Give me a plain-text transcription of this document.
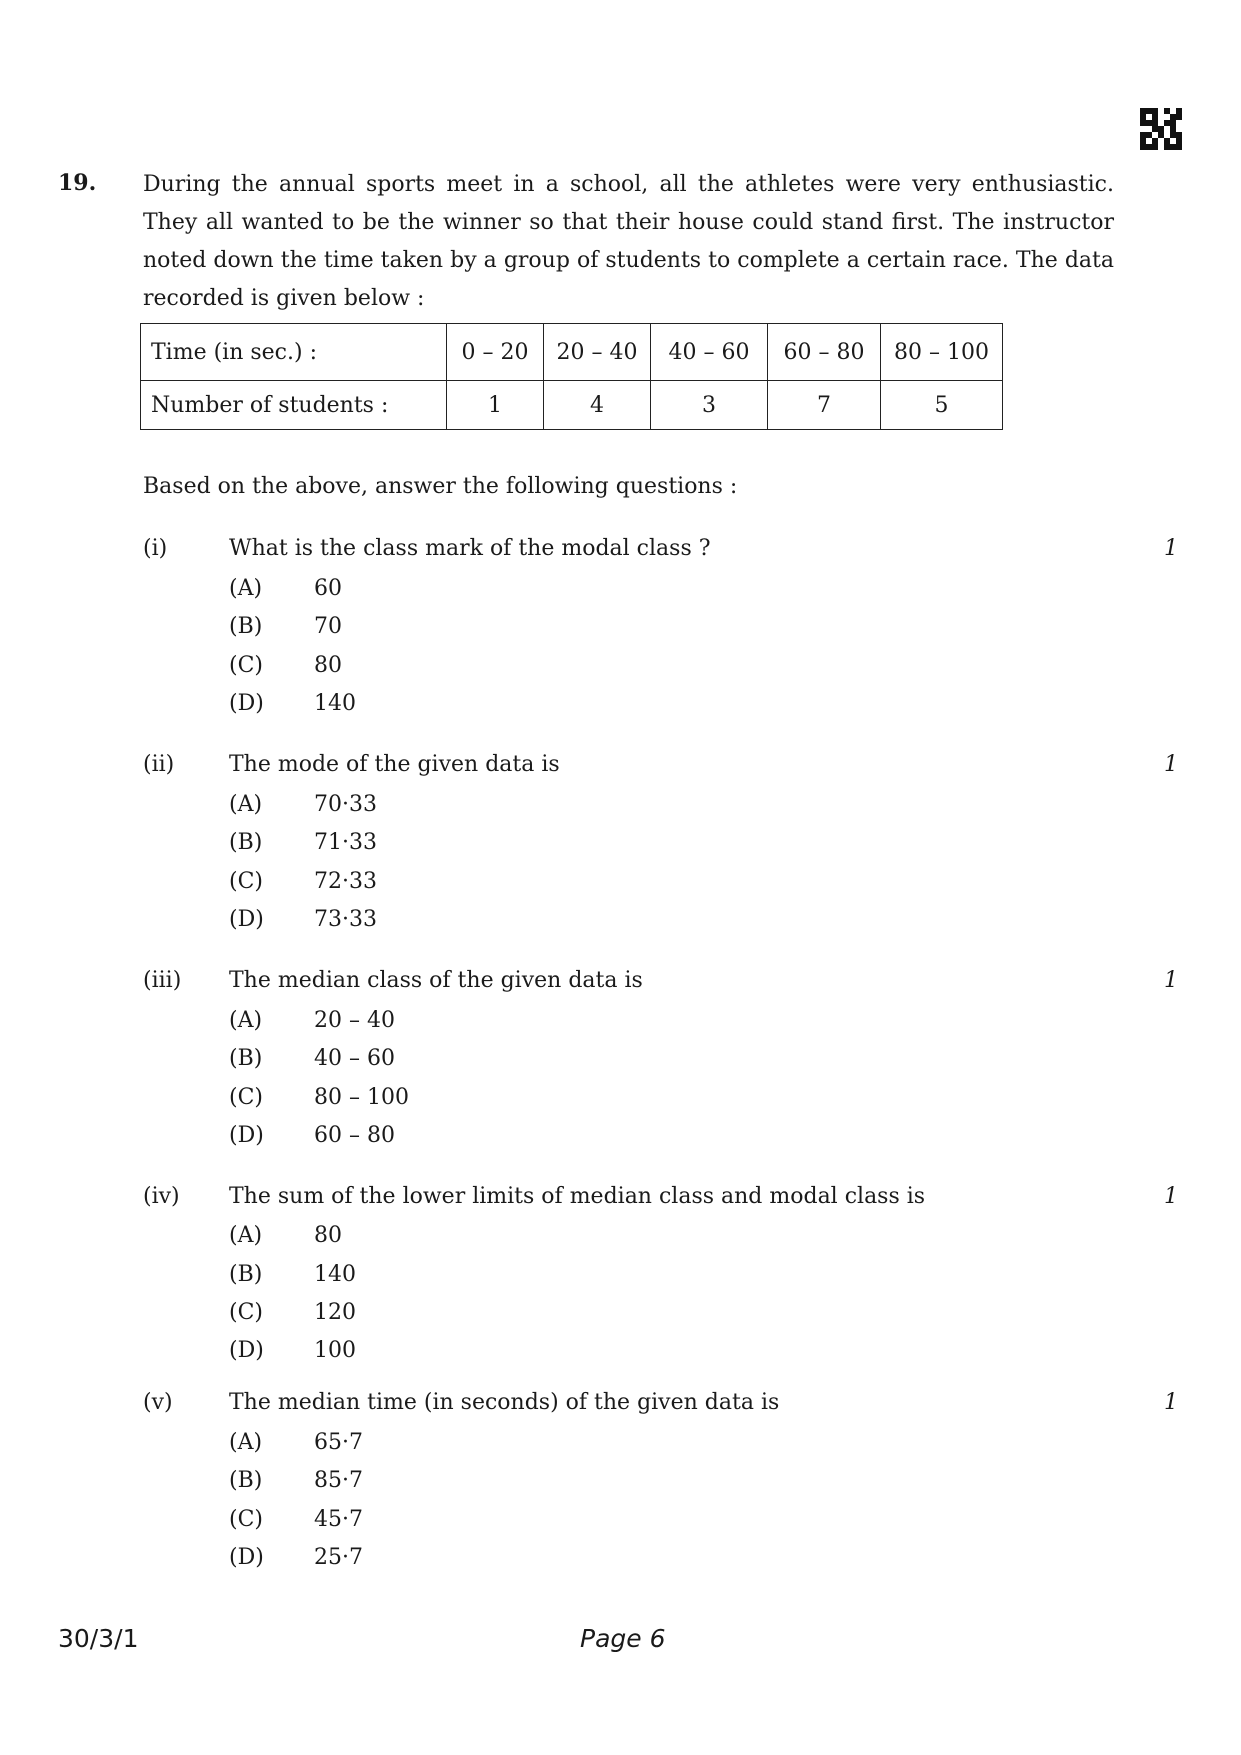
19. During the annual sports meet in a school, all the athletes were very enthusiastic. They all wanted to be the winner so that their house could stand first. The instructor noted down the time taken by a group of students to complete a certain race. The data recorded is given below :
Time (in sec.) :	0 – 20	20 – 40	40 – 60	60 – 80	80 – 100
Number of students :	1	4	3	7	5
Based on the above, answer the following questions :
(i)	What is the class mark of the modal class ?	1
(A) 60
(B) 70
(C) 80
(D) 140
(ii) The mode of the given data is	1
(A) 70·33
(B) 71·33
(C) 72·33
(D) 73·33
(iii) The median class of the given data is	1
(A) 20 – 40
(B) 40 – 60
(C) 80 – 100
(D) 60 – 80
(iv) The sum of the lower limits of median class and modal class is	1
(A) 80
(B) 140
(C) 120
(D) 100
(v)	The median time (in seconds) of the given data is	1
(A) 65·7
(B) 85·7
(C) 45·7
(D) 25·7
30/3/1	Page 6
